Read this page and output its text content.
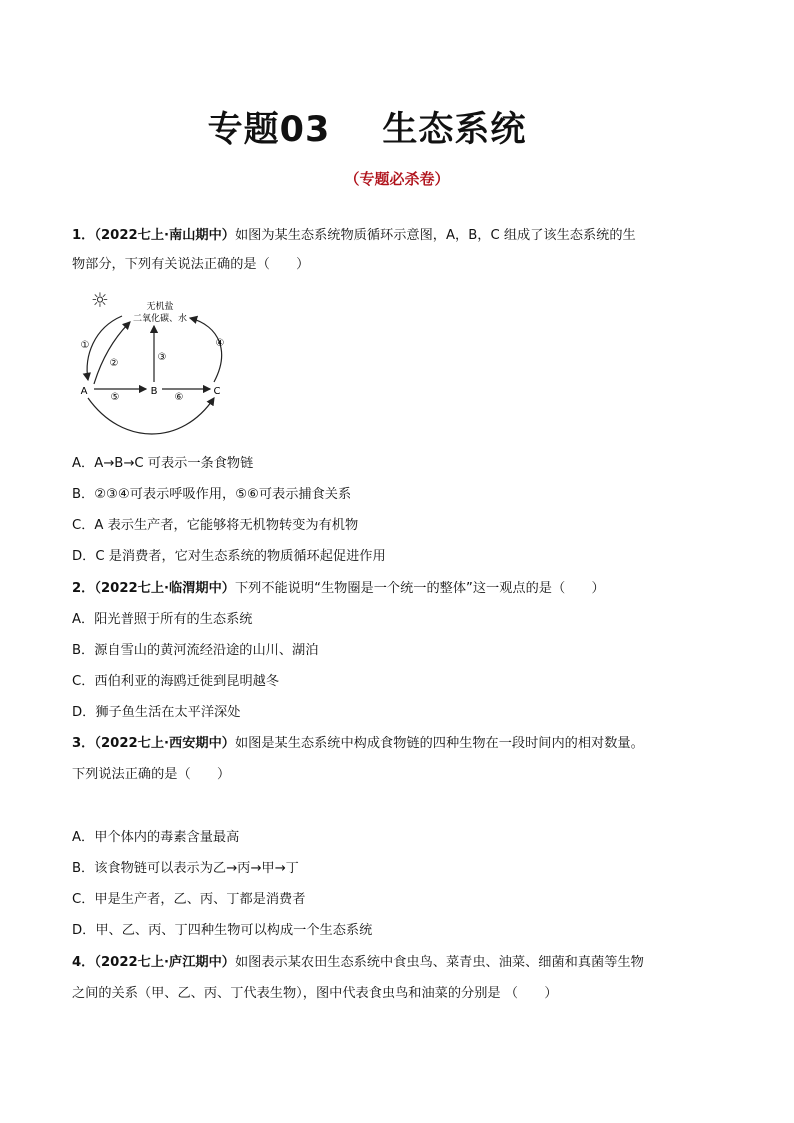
专题03 生态系统
（专题必杀卷）
1．（2022七上·南山期中）如图为某生态系统物质循环示意图，A，B，C 组成了该生态系统的生
物部分，下列有关说法正确的是（　　）
☼	无机盐
二氧化碳、水
A	B	C
①
②
③
④
⑤	⑥
A．A→B→C 可表示一条食物链
B．②③④可表示呼吸作用，⑤⑥可表示捕食关系
C．A 表示生产者，它能够将无机物转变为有机物
D．C 是消费者，它对生态系统的物质循环起促进作用
2．（2022七上·临渭期中）下列不能说明“生物圈是一个统一的整体”这一观点的是（　　）
A．阳光普照于所有的生态系统
B．源自雪山的黄河流经沿途的山川、湖泊
C．西伯利亚的海鸥迁徙到昆明越冬
D．狮子鱼生活在太平洋深处
3．（2022七上·西安期中）如图是某生态系统中构成食物链的四种生物在一段时间内的相对数量。
下列说法正确的是（　　）
A．甲个体内的毒素含量最高
B．该食物链可以表示为乙→丙→甲→丁
C．甲是生产者，乙、丙、丁都是消费者
D．甲、乙、丙、丁四种生物可以构成一个生态系统
4．（2022七上·庐江期中）如图表示某农田生态系统中食虫鸟、菜青虫、油菜、细菌和真菌等生物
之间的关系（甲、乙、丙、丁代表生物），图中代表食虫鸟和油菜的分别是 （　　）
